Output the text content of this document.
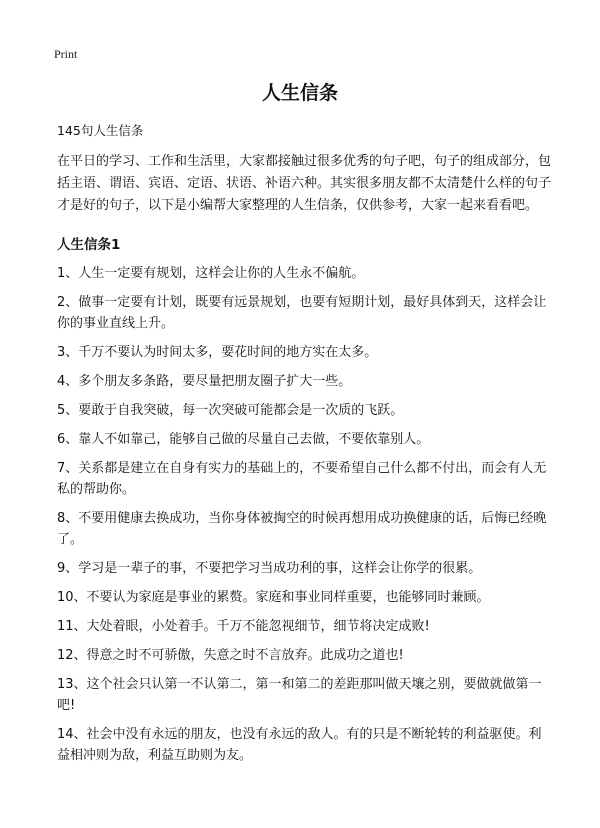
Print
人生信条
145句人生信条

在平日的学习、工作和生活里，大家都接触过很多优秀的句子吧，句子的组成部分，包括主语、谓语、宾语、定语、状语、补语六种。其实很多朋友都不太清楚什么样的句子才是好的句子，以下是小编帮大家整理的人生信条，仅供参考，大家一起来看看吧。

人生信条1
1、人生一定要有规划，这样会让你的人生永不偏航。
2、做事一定要有计划，既要有远景规划，也要有短期计划，最好具体到天，这样会让你的事业直线上升。
3、千万不要认为时间太多，要花时间的地方实在太多。
4、多个朋友多条路，要尽量把朋友圈子扩大一些。
5、要敢于自我突破，每一次突破可能都会是一次质的飞跃。
6、靠人不如靠己，能够自己做的尽量自己去做，不要依靠别人。
7、关系都是建立在自身有实力的基础上的，不要希望自己什么都不付出，而会有人无私的帮助你。
8、不要用健康去换成功，当你身体被掏空的时候再想用成功换健康的话，后悔已经晚了。
9、学习是一辈子的事，不要把学习当成功利的事，这样会让你学的很累。
10、不要认为家庭是事业的累赘。家庭和事业同样重要，也能够同时兼顾。
11、大处着眼，小处着手。千万不能忽视细节，细节将决定成败!
12、得意之时不可骄傲，失意之时不言放弃。此成功之道也!
13、这个社会只认第一不认第二，第一和第二的差距那叫做天壤之别，要做就做第一吧!
14、社会中没有永远的朋友，也没有永远的敌人。有的只是不断轮转的利益驱使。利益相冲则为敌，利益互助则为友。
